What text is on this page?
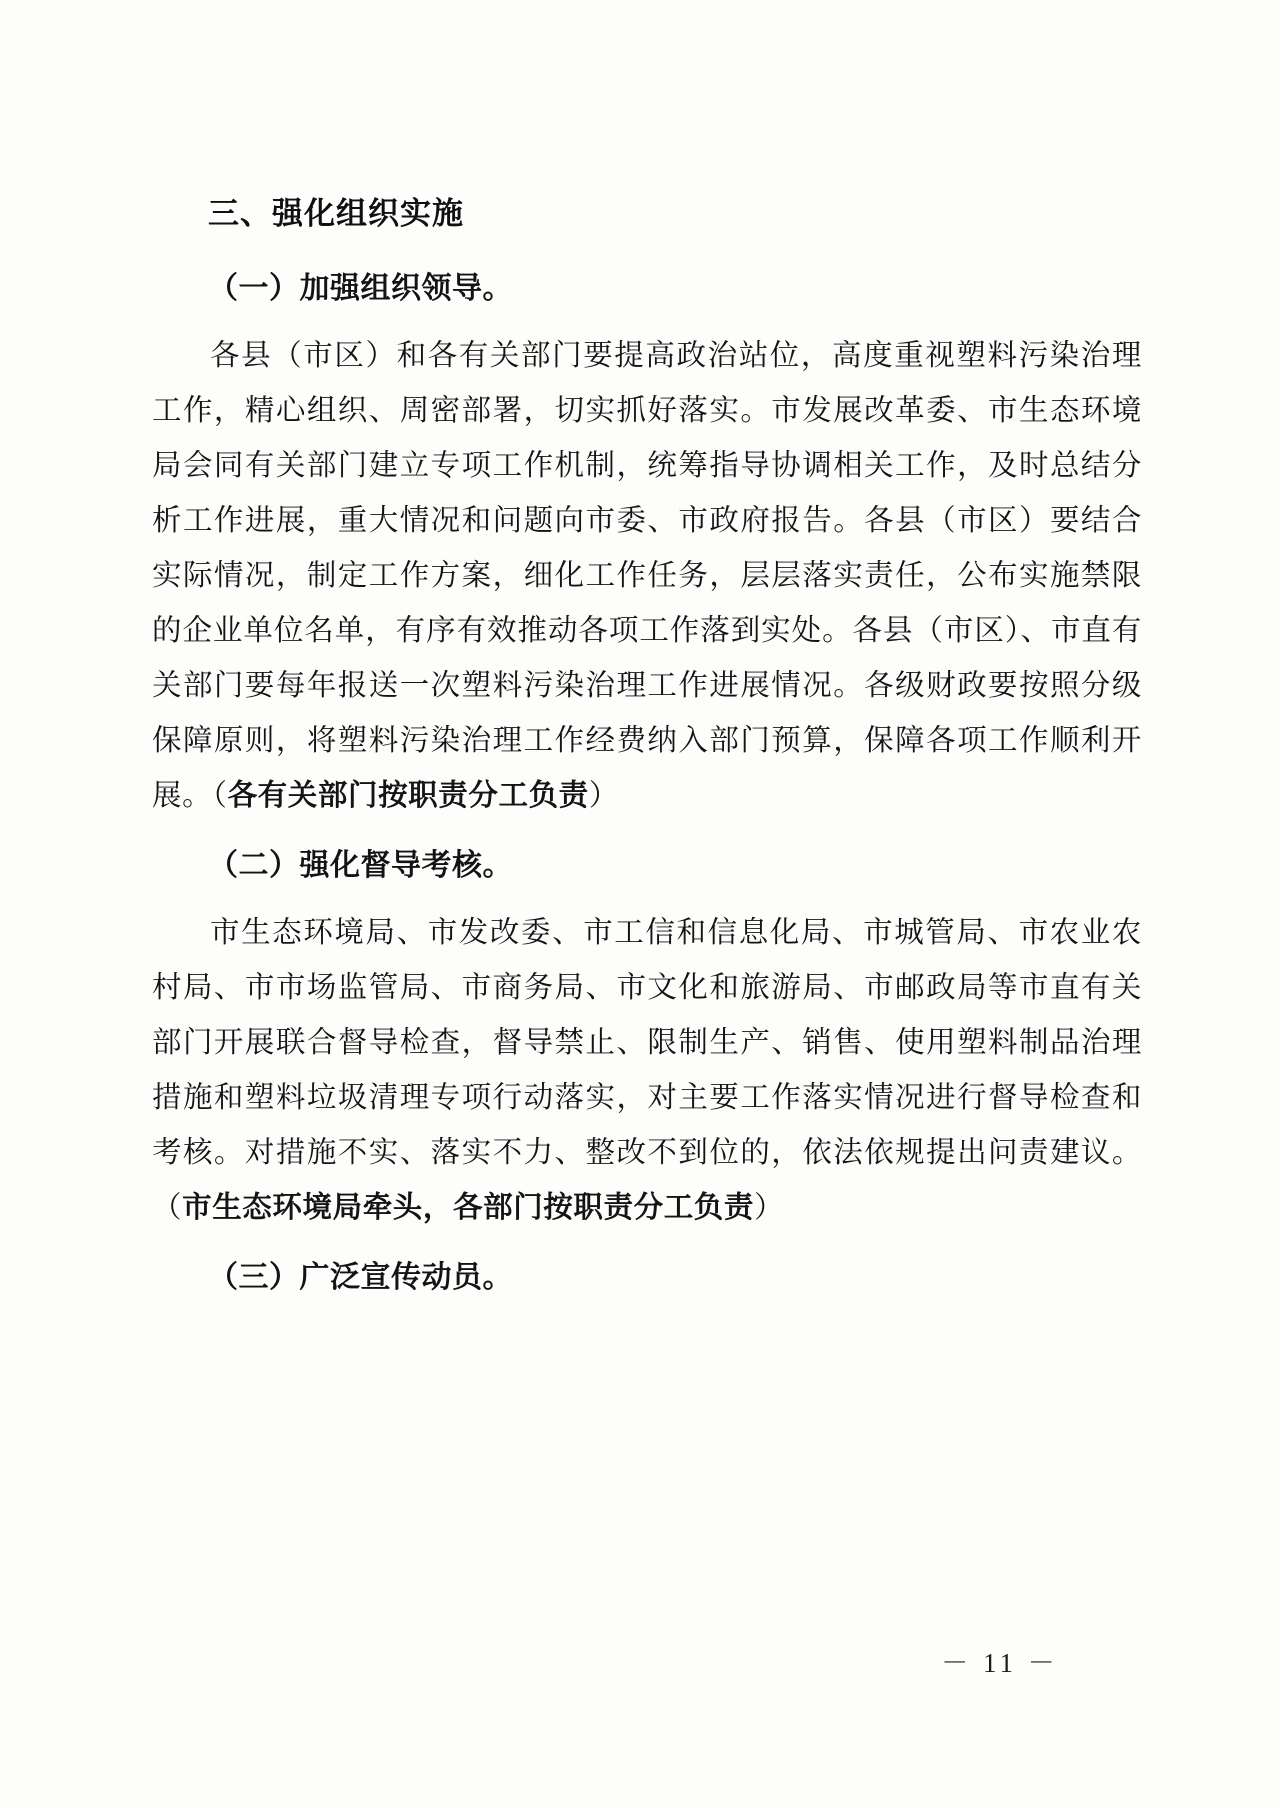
三、强化组织实施
（一）加强组织领导。

各县（市区）和各有关部门要提高政治站位，高度重视塑料污染治理工作，精心组织、周密部署，切实抓好落实。市发展改革委、市生态环境局会同有关部门建立专项工作机制，统筹指导协调相关工作，及时总结分析工作进展，重大情况和问题向市委、市政府报告。各县（市区）要结合实际情况，制定工作方案，细化工作任务，层层落实责任，公布实施禁限的企业单位名单，有序有效推动各项工作落到实处。各县（市区）、市直有关部门要每年报送一次塑料污染治理工作进展情况。各级财政要按照分级保障原则，将塑料污染治理工作经费纳入部门预算，保障各项工作顺利开展。（各有关部门按职责分工负责）

（二）强化督导考核。

市生态环境局、市发改委、市工信和信息化局、市城管局、市农业农村局、市市场监管局、市商务局、市文化和旅游局、市邮政局等市直有关部门开展联合督导检查，督导禁止、限制生产、销售、使用塑料制品治理措施和塑料垃圾清理专项行动落实，对主要工作落实情况进行督导检查和考核。对措施不实、落实不力、整改不到位的，依法依规提出问责建议。（市生态环境局牵头，各部门按职责分工负责）

（三）广泛宣传动员。
－ 11 －
